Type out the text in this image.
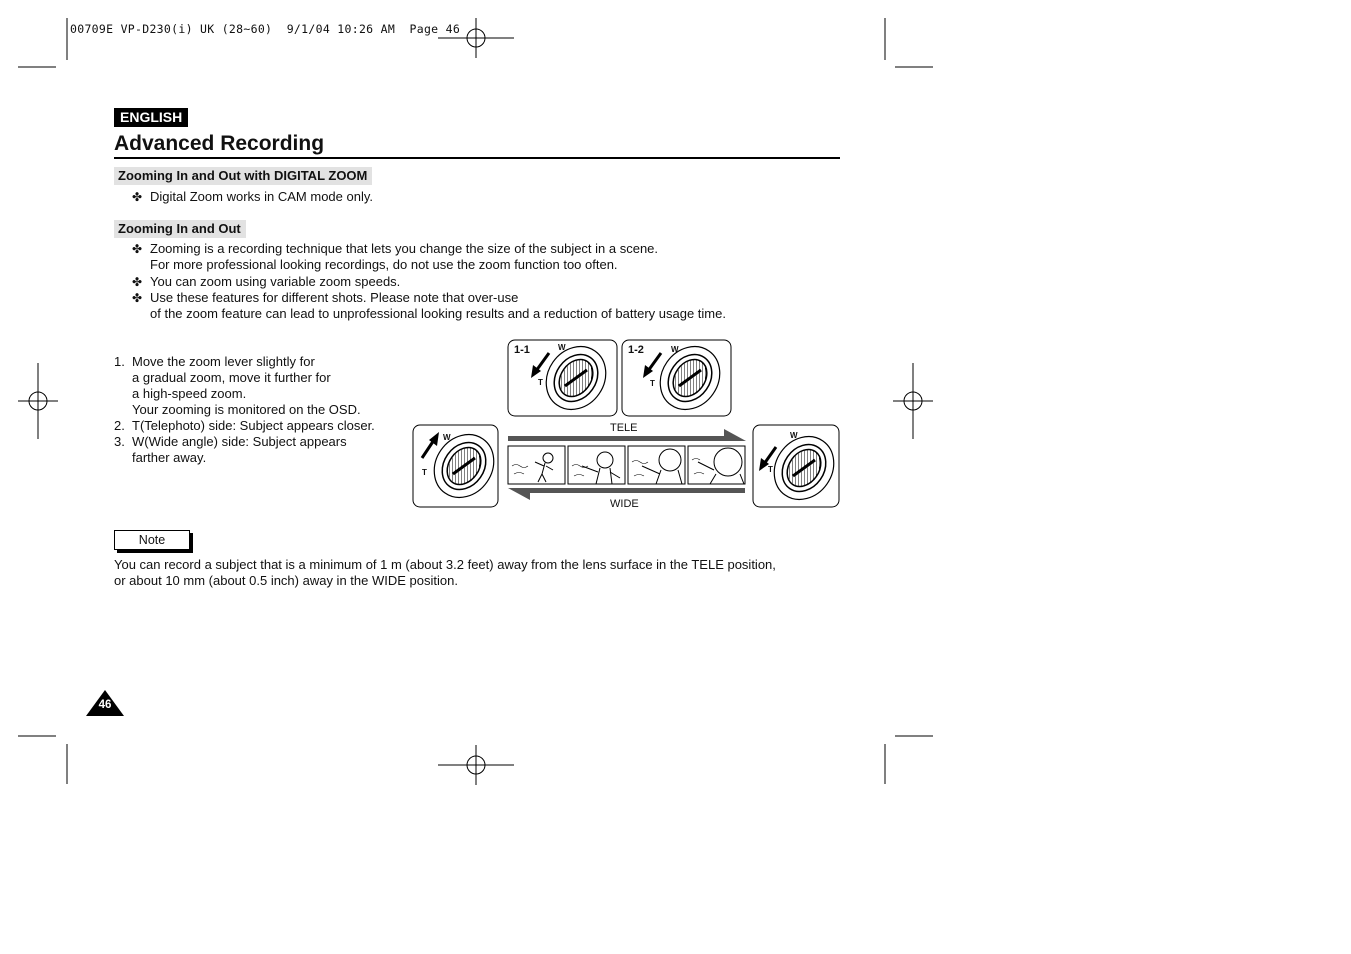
00709E VP-D230(i) UK (28~60)  9/1/04 10:26 AM  Page 46
ENGLISH
Advanced Recording
Zooming In and Out with DIGITAL ZOOM
✤ Digital Zoom works in CAM mode only.
Zooming In and Out
✤ Zooming is a recording technique that lets you change the size of the subject in a scene.
For more professional looking recordings, do not use the zoom function too often.
✤ You can zoom using variable zoom speeds.
✤ Use these features for different shots. Please note that over-use
of the zoom feature can lead to unprofessional looking results and a reduction of battery usage time.
1. Move the zoom lever slightly for
a gradual zoom, move it further for
a high-speed zoom.
Your zooming is monitored on the OSD.
2. T(Telephoto) side: Subject appears closer.
3. W(Wide angle) side: Subject appears
farther away.
1-1	1-2
W
T
W
T
W
T
W
T
TELE
WIDE
Note
You can record a subject that is a minimum of 1 m (about 3.2 feet) away from the lens surface in the TELE position,
or about 10 mm (about 0.5 inch) away in the WIDE position.
46
